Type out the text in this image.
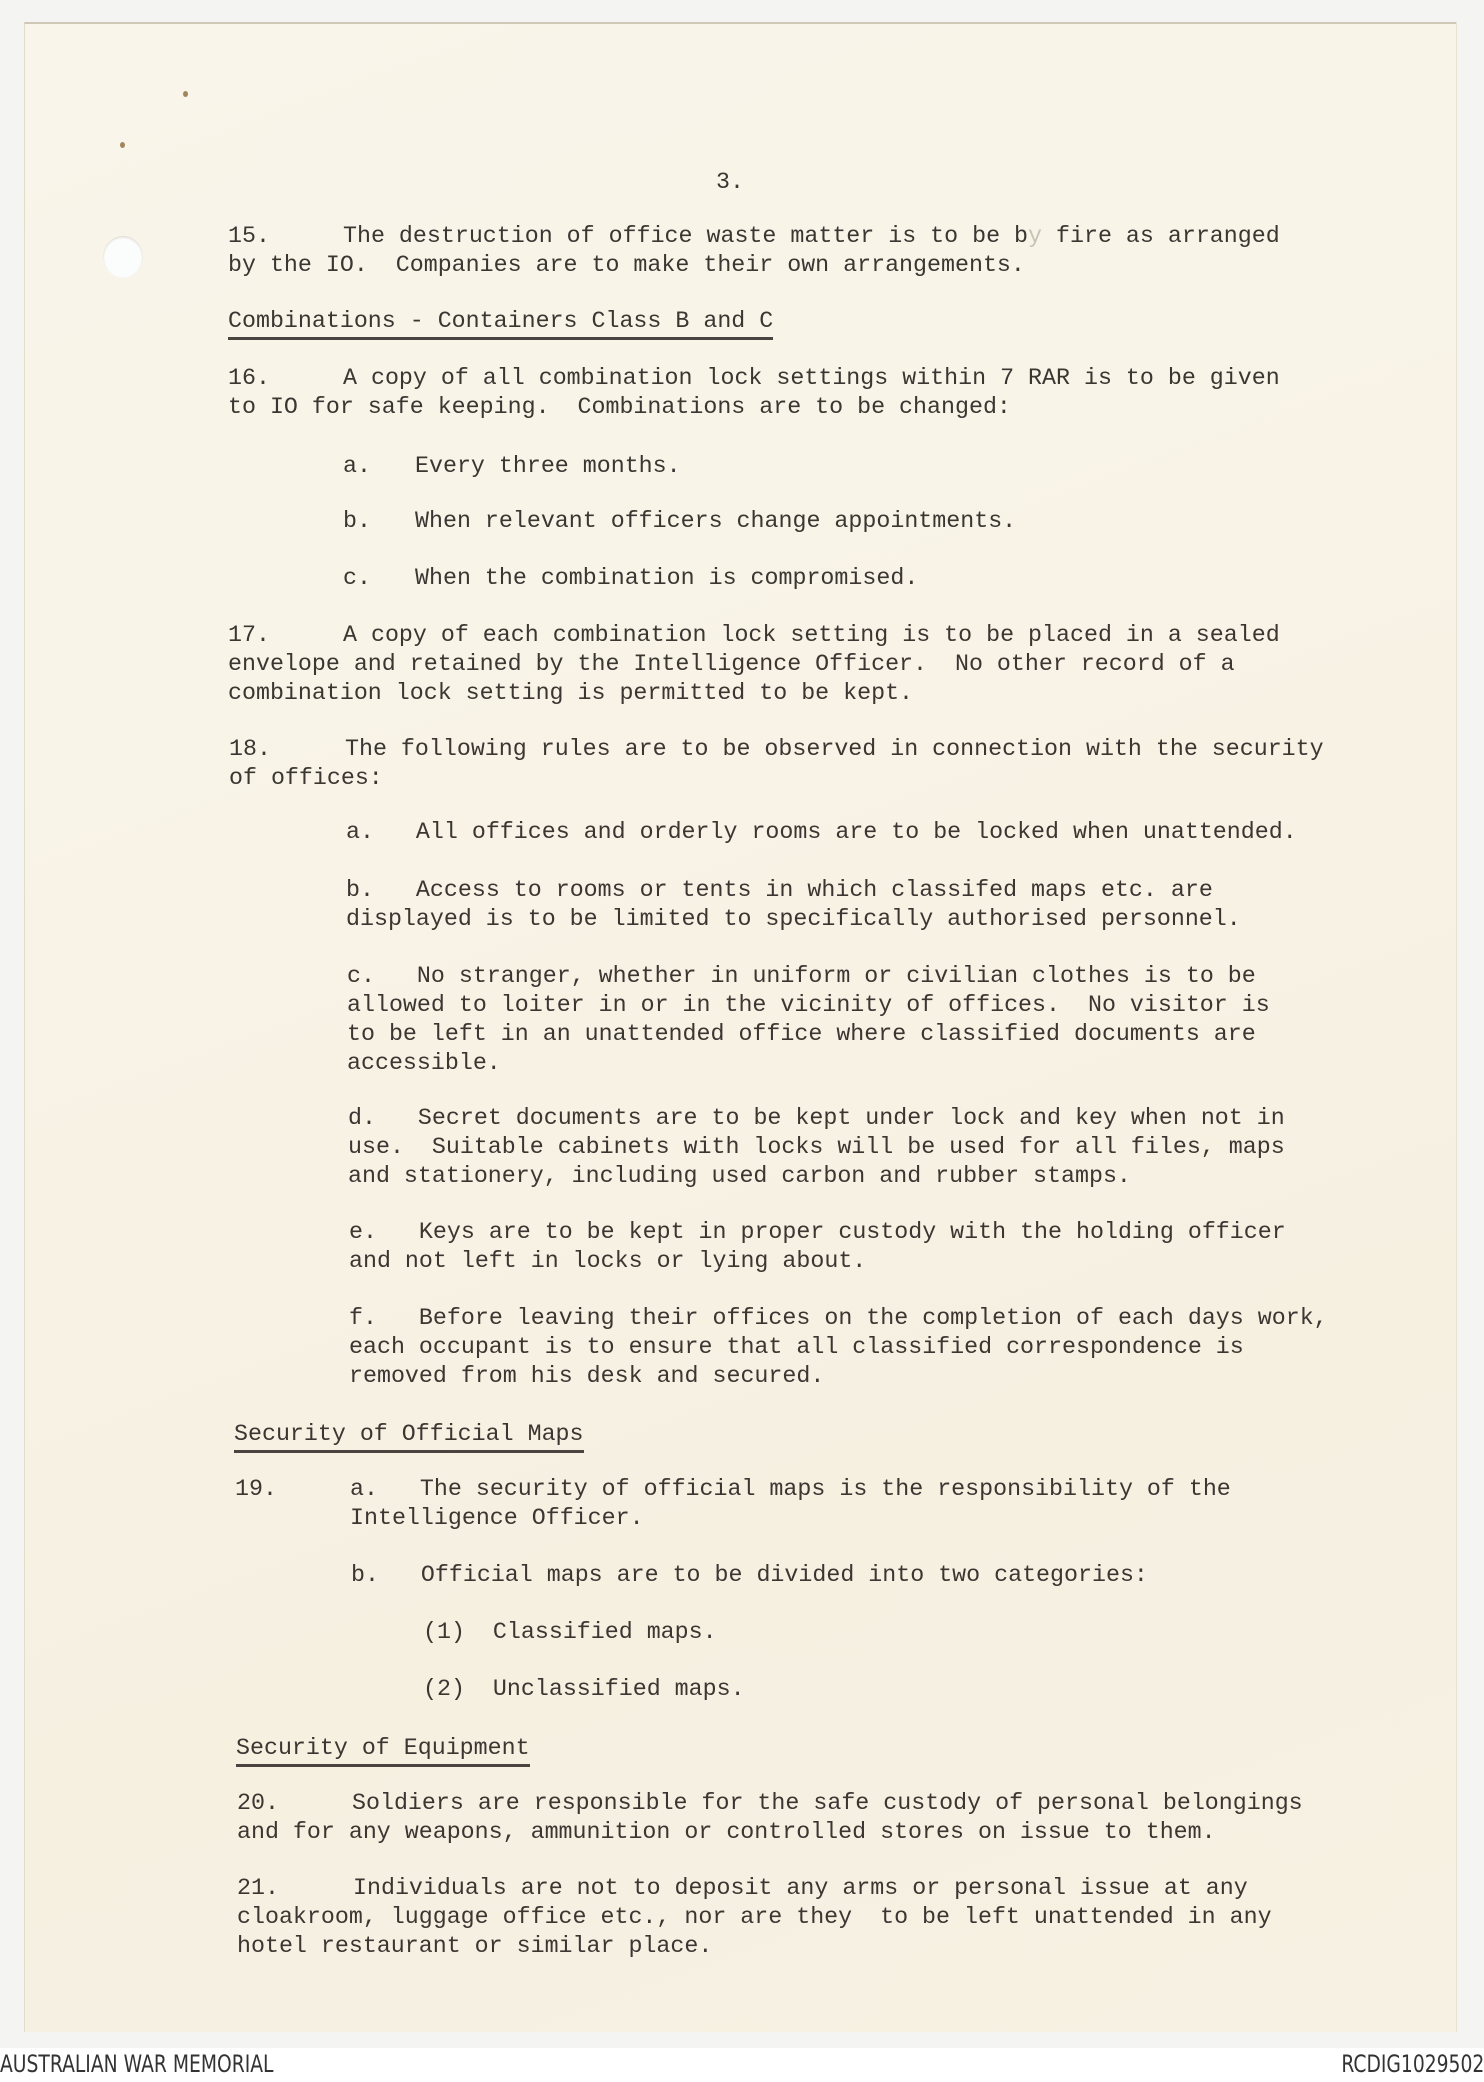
3.
15.	The destruction of office waste matter is to be by fire as arranged
by the IO.  Companies are to make their own arrangements.
Combinations - Containers Class B and C
16.	A copy of all combination lock settings within 7 RAR is to be given
to IO for safe keeping.  Combinations are to be changed:
a. Every three months.
b. When relevant officers change appointments.
c. When the combination is compromised.
17.	A copy of each combination lock setting is to be placed in a sealed
envelope and retained by the Intelligence Officer.  No other record of a
combination lock setting is permitted to be kept.
18.	The following rules are to be observed in connection with the security
of offices:
a. All offices and orderly rooms are to be locked when unattended.
b. Access to rooms or tents in which classifed maps etc. are
displayed is to be limited to specifically authorised personnel.
c. No stranger, whether in uniform or civilian clothes is to be
allowed to loiter in or in the vicinity of offices.  No visitor is
to be left in an unattended office where classified documents are
accessible.
d. Secret documents are to be kept under lock and key when not in
use.  Suitable cabinets with locks will be used for all files, maps
and stationery, including used carbon and rubber stamps.
e. Keys are to be kept in proper custody with the holding officer
and not left in locks or lying about.
f. Before leaving their offices on the completion of each days work,
each occupant is to ensure that all classified correspondence is
removed from his desk and secured.
Security of Official Maps
19.	a. The security of official maps is the responsibility of the
Intelligence Officer.
b. Official maps are to be divided into two categories:
(1) Classified maps.
(2) Unclassified maps.
Security of Equipment
20.	Soldiers are responsible for the safe custody of personal belongings
and for any weapons, ammunition or controlled stores on issue to them.
21.	Individuals are not to deposit any arms or personal issue at any
cloakroom, luggage office etc., nor are they  to be left unattended in any
hotel restaurant or similar place.
AUSTRALIAN WAR MEMORIAL	RCDIG1029502
